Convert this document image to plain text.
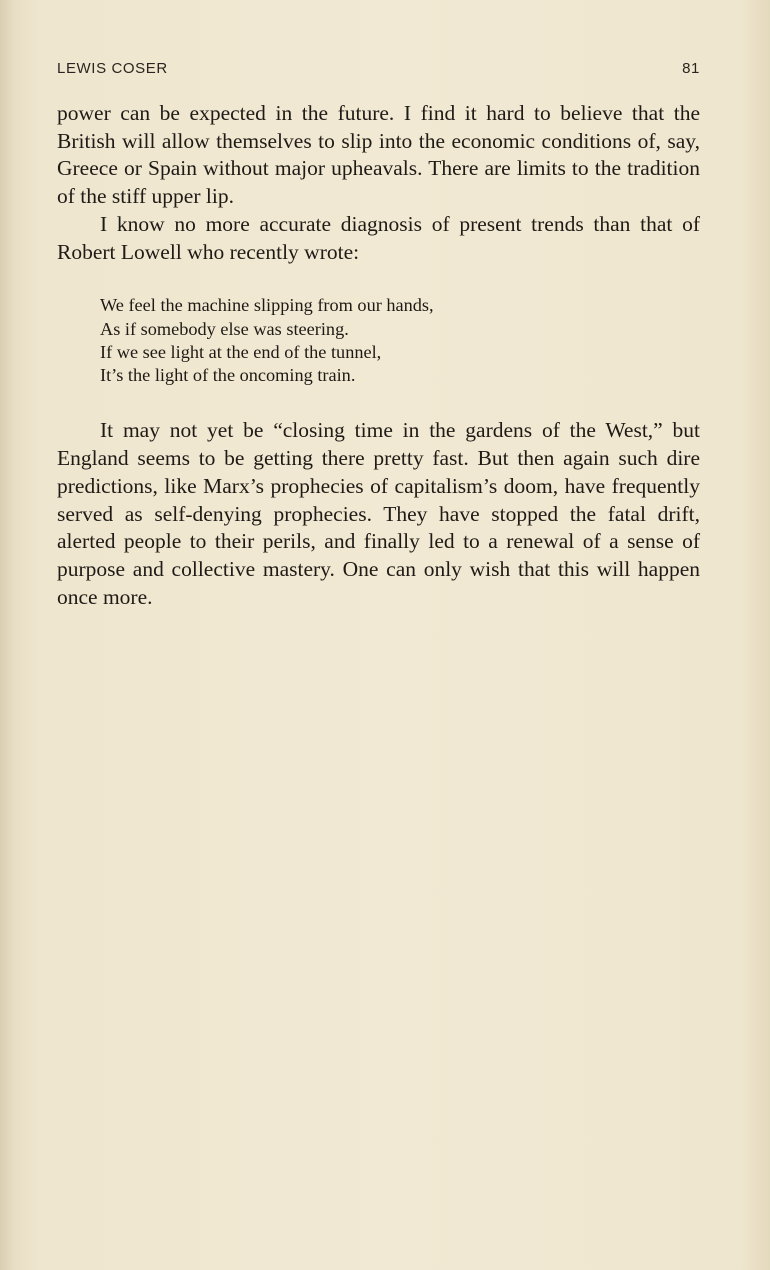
LEWIS COSER	81

power can be expected in the future. I find it hard to believe that the British will allow themselves to slip into the economic conditions of, say, Greece or Spain without major upheavals. There are limits to the tradition of the stiff upper lip.

I know no more accurate diagnosis of present trends than that of Robert Lowell who recently wrote:

We feel the machine slipping from our hands,
As if somebody else was steering.
If we see light at the end of the tunnel,
It’s the light of the oncoming train.

It may not yet be “closing time in the gardens of the West,” but England seems to be getting there pretty fast. But then again such dire predictions, like Marx’s prophecies of capitalism’s doom, have frequently served as self-denying prophecies. They have stopped the fatal drift, alerted people to their perils, and finally led to a renewal of a sense of purpose and collective mastery. One can only wish that this will happen once more.
